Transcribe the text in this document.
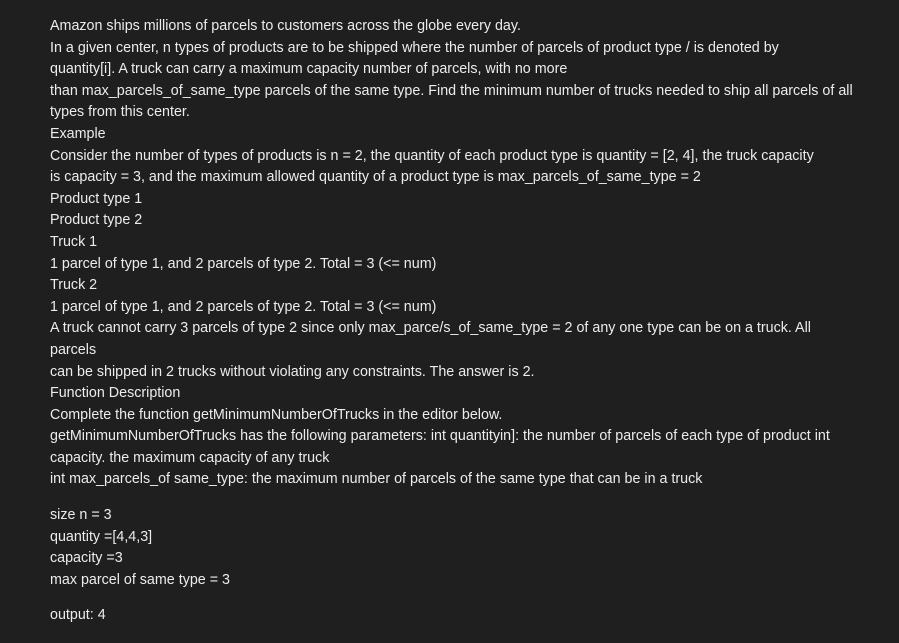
Amazon ships millions of parcels to customers across the globe every day.
In a given center, n types of products are to be shipped where the number of parcels of product type / is denoted by
quantity[i]. A truck can carry a maximum capacity number of parcels, with no more
than max_parcels_of_same_type parcels of the same type. Find the minimum number of trucks needed to ship all parcels of all
types from this center.
Example
Consider the number of types of products is n = 2, the quantity of each product type is quantity = [2, 4], the truck capacity
is capacity = 3, and the maximum allowed quantity of a product type is max_parcels_of_same_type = 2
Product type 1
Product type 2
Truck 1
1 parcel of type 1, and 2 parcels of type 2. Total = 3 (<= num)
Truck 2
1 parcel of type 1, and 2 parcels of type 2. Total = 3 (<= num)
A truck cannot carry 3 parcels of type 2 since only max_parce/s_of_same_type = 2 of any one type can be on a truck. All
parcels
can be shipped in 2 trucks without violating any constraints. The answer is 2.
Function Description
Complete the function getMinimumNumberOfTrucks in the editor below.
getMinimumNumberOfTrucks has the following parameters: int quantityin]: the number of parcels of each type of product int
capacity. the maximum capacity of any truck
int max_parcels_of same_type: the maximum number of parcels of the same type that can be in a truck
size n = 3
quantity =[4,4,3]
capacity =3
max parcel of same type = 3
output: 4
